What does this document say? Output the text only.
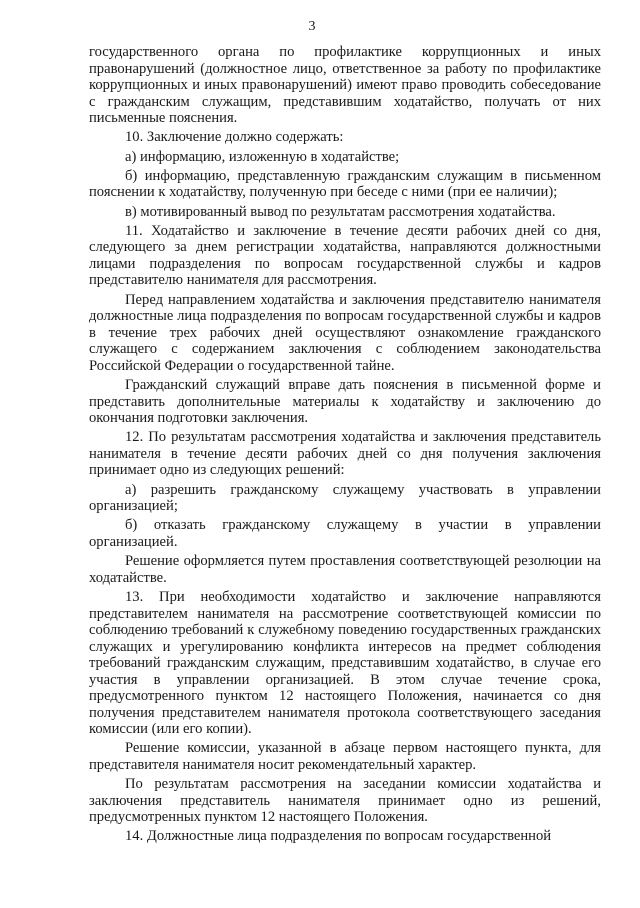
3

государственного органа по профилактике коррупционных и иных правонарушений (должностное лицо, ответственное за работу по профилактике коррупционных и иных правонарушений) имеют право проводить собеседование с гражданским служащим, представившим ходатайство, получать от них письменные пояснения.

10. Заключение должно содержать:

а) информацию, изложенную в ходатайстве;

б) информацию, представленную гражданским служащим в письменном пояснении к ходатайству, полученную при беседе с ними (при ее наличии);

в) мотивированный вывод по результатам рассмотрения ходатайства.

11. Ходатайство и заключение в течение десяти рабочих дней со дня, следующего за днем регистрации ходатайства, направляются должностными лицами подразделения по вопросам государственной службы и кадров представителю нанимателя для рассмотрения.

Перед направлением ходатайства и заключения представителю нанимателя должностные лица подразделения по вопросам государственной службы и кадров в течение трех рабочих дней осуществляют ознакомление гражданского служащего с содержанием заключения с соблюдением законодательства Российской Федерации о государственной тайне.

Гражданский служащий вправе дать пояснения в письменной форме и представить дополнительные материалы к ходатайству и заключению до окончания подготовки заключения.

12. По результатам рассмотрения ходатайства и заключения представитель нанимателя в течение десяти рабочих дней со дня получения заключения принимает одно из следующих решений:

а) разрешить гражданскому служащему участвовать в управлении организацией;

б) отказать гражданскому служащему в участии в управлении организацией.

Решение оформляется путем проставления соответствующей резолюции на ходатайстве.

13. При необходимости ходатайство и заключение направляются представителем нанимателя на рассмотрение соответствующей комиссии по соблюдению требований к служебному поведению государственных гражданских служащих и урегулированию конфликта интересов на предмет соблюдения требований гражданским служащим, представившим ходатайство, в случае его участия в управлении организацией. В этом случае течение срока, предусмотренного пунктом 12 настоящего Положения, начинается со дня получения представителем нанимателя протокола соответствующего заседания комиссии (или его копии).

Решение комиссии, указанной в абзаце первом настоящего пункта, для представителя нанимателя носит рекомендательный характер.

По результатам рассмотрения на заседании комиссии ходатайства и заключения представитель нанимателя принимает одно из решений, предусмотренных пунктом 12 настоящего Положения.

14. Должностные лица подразделения по вопросам государственной
